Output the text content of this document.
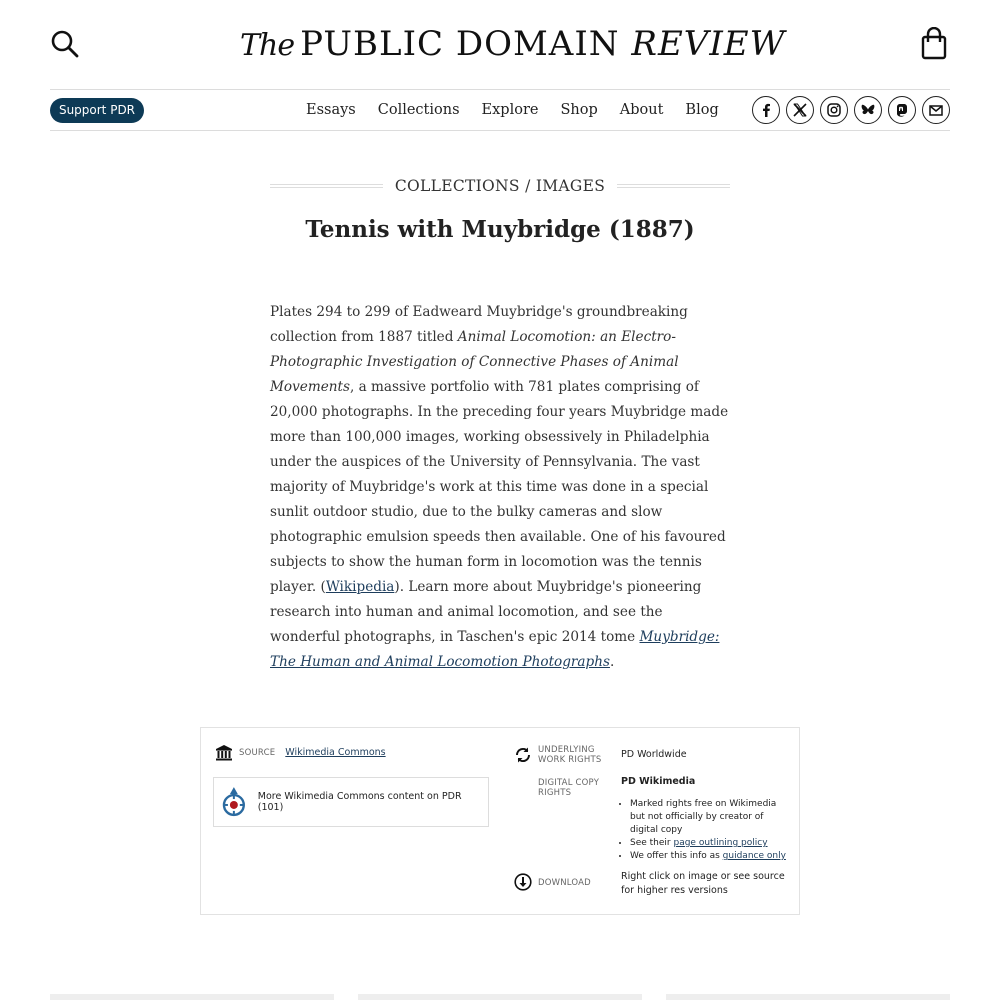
The PUBLIC DOMAIN REVIEW
Support PDR	Essays Collections Explore Shop About Blog
COLLECTIONS / IMAGES
Tennis with Muybridge (1887)

Plates 294 to 299 of Eadweard Muybridge's groundbreaking collection from 1887 titled Animal Locomotion: an Electro-Photographic Investigation of Connective Phases of Animal Movements, a massive portfolio with 781 plates comprising of 20,000 photographs. In the preceding four years Muybridge made more than 100,000 images, working obsessively in Philadelphia under the auspices of the University of Pennsylvania. The vast majority of Muybridge's work at this time was done in a special sunlit outdoor studio, due to the bulky cameras and slow photographic emulsion speeds then available. One of his favoured subjects to show the human form in locomotion was the tennis player. (Wikipedia). Learn more about Muybridge's pioneering research into human and animal locomotion, and see the wonderful photographs, in Taschen's epic 2014 tome Muybridge: The Human and Animal Locomotion Photographs.

SOURCE Wikimedia Commons
More Wikimedia Commons content on PDR (101)
UNDERLYING
WORK RIGHTS PD Worldwide
DIGITAL COPY
RIGHTS
PD Wikimedia
• Marked rights free on Wikimedia but not officially by creator of digital copy
• See their page outlining policy
• We offer this info as guidance only
DOWNLOAD
Right click on image or see source for higher res versions
